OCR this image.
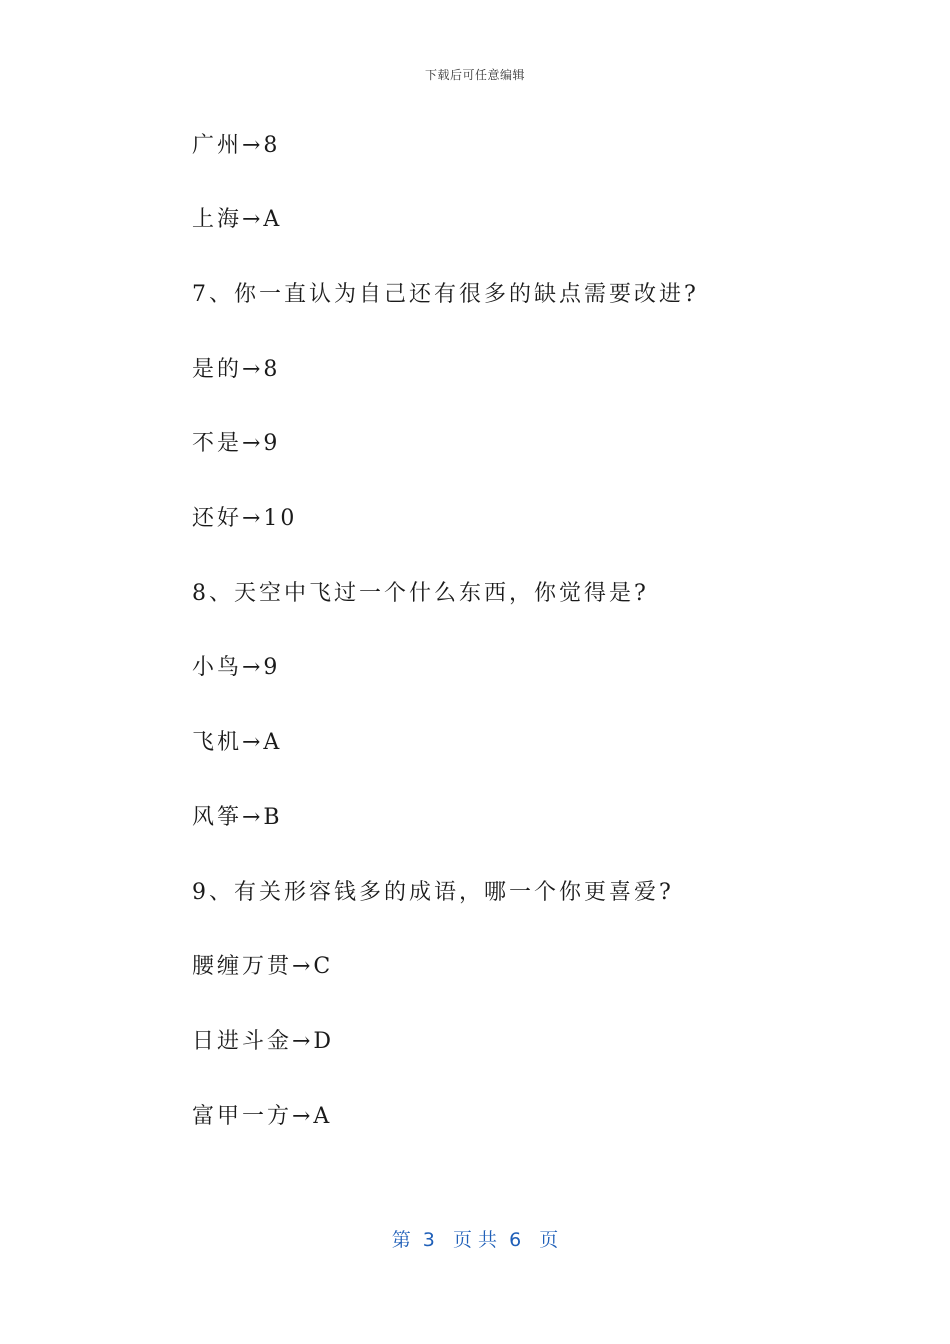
下载后可任意编辑
广州→8
上海→A
7、你一直认为自己还有很多的缺点需要改进?
是的→8
不是→9
还好→10
8、天空中飞过一个什么东西，你觉得是?
小鸟→9
飞机→A
风筝→B
9、有关形容钱多的成语，哪一个你更喜爱?
腰缠万贯→C
日进斗金→D
富甲一方→A
第  3   页 共  6   页
